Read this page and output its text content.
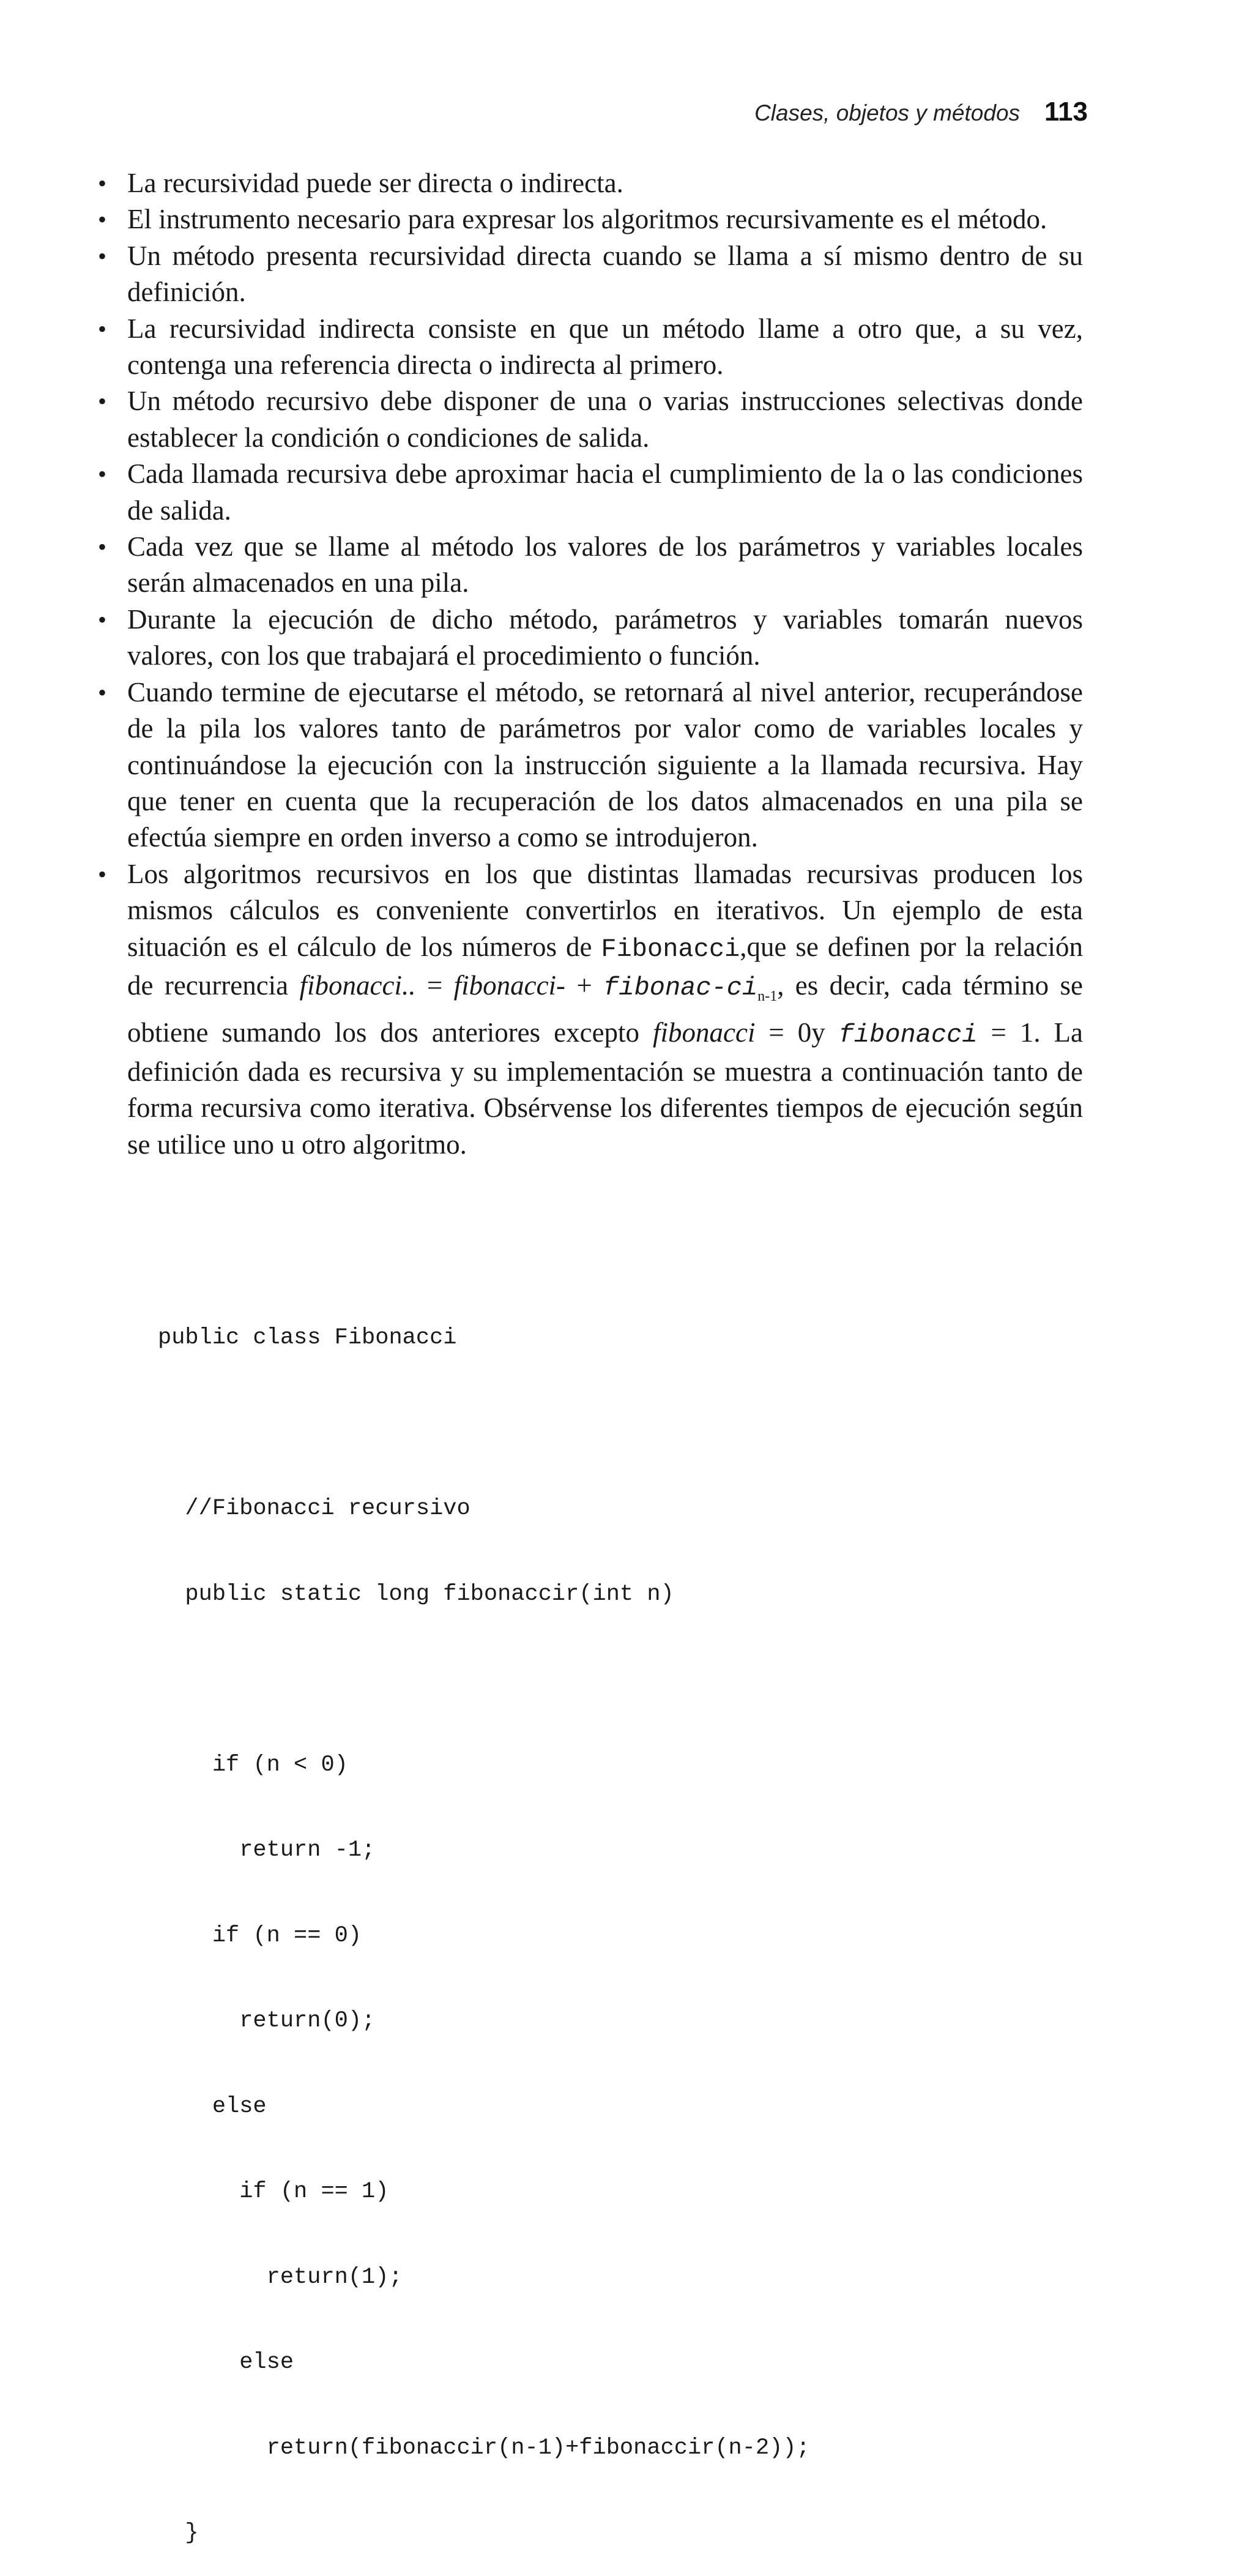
Clases, objetos y métodos 113
• La recursividad puede ser directa o indirecta.
• El instrumento necesario para expresar los algoritmos recursivamente es el método.
• Un método presenta recursividad directa cuando se llama a sí mismo dentro de su definición.
• La recursividad indirecta consiste en que un método llame a otro que, a su vez, contenga una referencia directa o indirecta al primero.
• Un método recursivo debe disponer de una o varias instrucciones selectivas donde establecer la condición o condiciones de salida.
• Cada llamada recursiva debe aproximar hacia el cumplimiento de la o las condiciones de salida.
• Cada vez que se llame al método los valores de los parámetros y variables locales serán almacenados en una pila.
• Durante la ejecución de dicho método, parámetros y variables tomarán nuevos valores, con los que trabajará el procedimiento o función.
• Cuando termine de ejecutarse el método, se retornará al nivel anterior, recuperándose de la pila los valores tanto de parámetros por valor como de variables locales y continuándose la ejecución con la instrucción siguiente a la llamada recursiva. Hay que tener en cuenta que la recuperación de los datos almacenados en una pila se efectúa siempre en orden inverso a como se introdujeron.
• Los algoritmos recursivos en los que distintas llamadas recursivas producen los mismos cálculos es conveniente convertirlos en iterativos. Un ejemplo de esta situación es el cálculo de los números de Fibonacci,que se definen por la relación de recurrencia fibonacci.. = fibonacci- + fibonac-$ci_{n-1}$, es decir, cada término se obtiene sumando los dos anteriores excepto fibonacci = 0y fibonacci = 1. La definición dada es recursiva y su implementación se muestra a continuación tanto de forma recursiva como iterativa. Obsérvense los diferentes tiempos de ejecución según se utilice uno u otro algoritmo.

public class Fibonacci

//Fibonacci recursivo

public static long fibonaccir(int n)

if (n < 0)

return -1;

if (n == 0)

return(0);

else

if (n == 1)

return(1);

else

return(fibonaccir(n-1)+fibonaccir(n-2));

}
